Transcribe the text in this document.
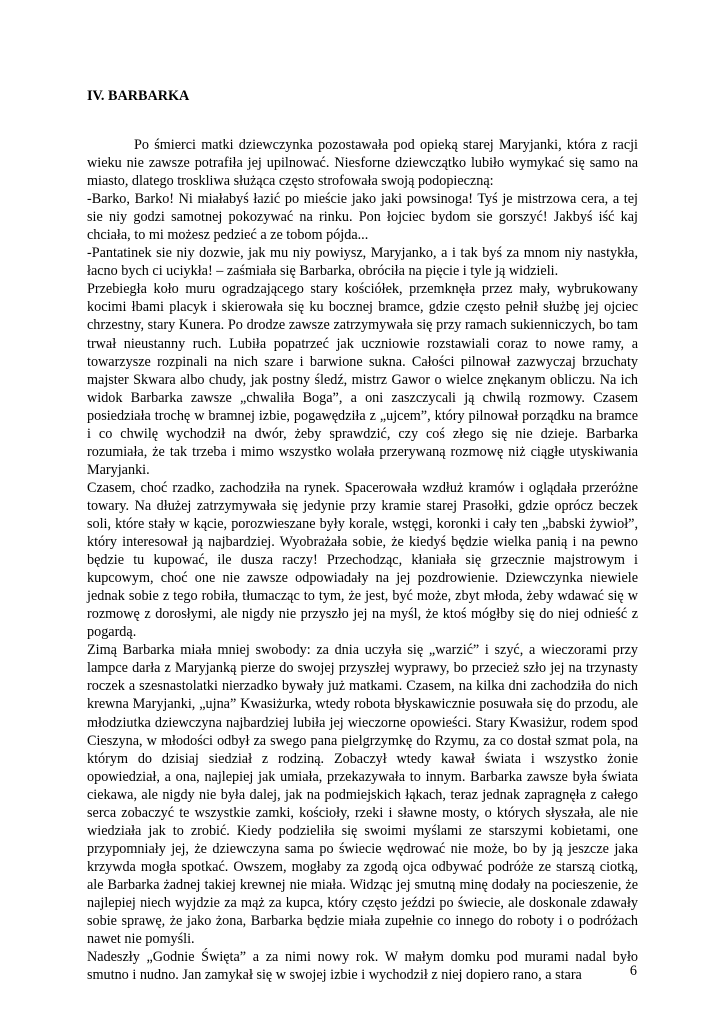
IV. BARBARKA

Po śmierci matki dziewczynka pozostawała pod opieką starej Maryjanki, która z racji wieku nie zawsze potrafiła jej upilnować. Niesforne dziewczątko lubiło wymykać się samo na miasto, dlatego troskliwa służąca często strofowała swoją podopieczną:

-Barko, Barko! Ni miałabyś łazić po mieście jako jaki powsinoga! Tyś je mistrzowa cera, a tej sie niy godzi samotnej pokozywać na rinku. Pon łojciec bydom sie gorszyć! Jakbyś iść kaj chciała, to mi możesz pedzieć a ze tobom pójda...

-Pantatinek sie niy dozwie, jak mu niy powiysz, Maryjanko, a i tak byś za mnom niy nastykła, łacno bych ci uciykła! – zaśmiała się Barbarka, obróciła na pięcie i tyle ją widzieli.

Przebiegła koło muru ogradzającego stary kościółek, przemknęła przez mały, wybrukowany kocimi łbami placyk i skierowała się ku bocznej bramce, gdzie często pełnił służbę jej ojciec chrzestny, stary Kunera. Po drodze zawsze zatrzymywała się przy ramach sukienniczych, bo tam trwał nieustanny ruch. Lubiła popatrzeć jak uczniowie rozstawiali coraz to nowe ramy, a towarzysze rozpinali na nich szare i barwione sukna. Całości pilnował zazwyczaj brzuchaty majster Skwara albo chudy, jak postny śledź, mistrz Gawor o wielce znękanym obliczu. Na ich widok Barbarka zawsze „chwaliła Boga”, a oni zaszczycali ją chwilą rozmowy. Czasem posiedziała trochę w bramnej izbie, pogawędziła z „ujcem”, który pilnował porządku na bramce i co chwilę wychodził na dwór, żeby sprawdzić, czy coś złego się nie dzieje. Barbarka rozumiała, że tak trzeba i mimo wszystko wolała przerywaną rozmowę niż ciągłe utyskiwania Maryjanki.

Czasem, choć rzadko, zachodziła na rynek. Spacerowała wzdłuż kramów i oglądała przeróżne towary. Na dłużej zatrzymywała się jedynie przy kramie starej Prasołki, gdzie oprócz beczek soli, które stały w kącie, porozwieszane były korale, wstęgi, koronki i cały ten „babski żywioł”, który interesował ją najbardziej. Wyobrażała sobie, że kiedyś będzie wielka panią i na pewno będzie tu kupować, ile dusza raczy! Przechodząc, kłaniała się grzecznie majstrowym i kupcowym, choć one nie zawsze odpowiadały na jej pozdrowienie. Dziewczynka niewiele jednak sobie z tego robiła, tłumacząc to tym, że jest, być może, zbyt młoda, żeby wdawać się w rozmowę z dorosłymi, ale nigdy nie przyszło jej na myśl, że ktoś mógłby się do niej odnieść z pogardą.

Zimą Barbarka miała mniej swobody: za dnia uczyła się „warzić” i szyć, a wieczorami przy lampce darła z Maryjanką pierze do swojej przyszłej wyprawy, bo przecież szło jej na trzynasty roczek a szesnastolatki nierzadko bywały już matkami. Czasem, na kilka dni zachodziła do nich krewna Maryjanki, „ujna” Kwasiżurka, wtedy robota błyskawicznie posuwała się do przodu, ale młodziutka dziewczyna najbardziej lubiła jej wieczorne opowieści. Stary Kwasiżur, rodem spod Cieszyna, w młodości odbył za swego pana pielgrzymkę do Rzymu, za co dostał szmat pola, na którym do dzisiaj siedział z rodziną. Zobaczył wtedy kawał świata i wszystko żonie opowiedział, a ona, najlepiej jak umiała, przekazywała to innym. Barbarka zawsze była świata ciekawa, ale nigdy nie była dalej, jak na podmiejskich łąkach, teraz jednak zapragnęła z całego serca zobaczyć te wszystkie zamki, kościoły, rzeki i sławne mosty, o których słyszała, ale nie wiedziała jak to zrobić. Kiedy podzieliła się swoimi myślami ze starszymi kobietami, one przypomniały jej, że dziewczyna sama po świecie wędrować nie może, bo by ją jeszcze jaka krzywda mogła spotkać. Owszem, mogłaby za zgodą ojca odbywać podróże ze starszą ciotką, ale Barbarka żadnej takiej krewnej nie miała. Widząc jej smutną minę dodały na pocieszenie, że najlepiej niech wyjdzie za mąż za kupca, który często jeździ po świecie, ale doskonale zdawały sobie sprawę, że jako żona, Barbarka będzie miała zupełnie co innego do roboty i o podróżach nawet nie pomyśli.

Nadeszły „Godnie Święta” a za nimi nowy rok. W małym domku pod murami nadal było smutno i nudno. Jan zamykał się w swojej izbie i wychodził z niej dopiero rano, a stara	6
